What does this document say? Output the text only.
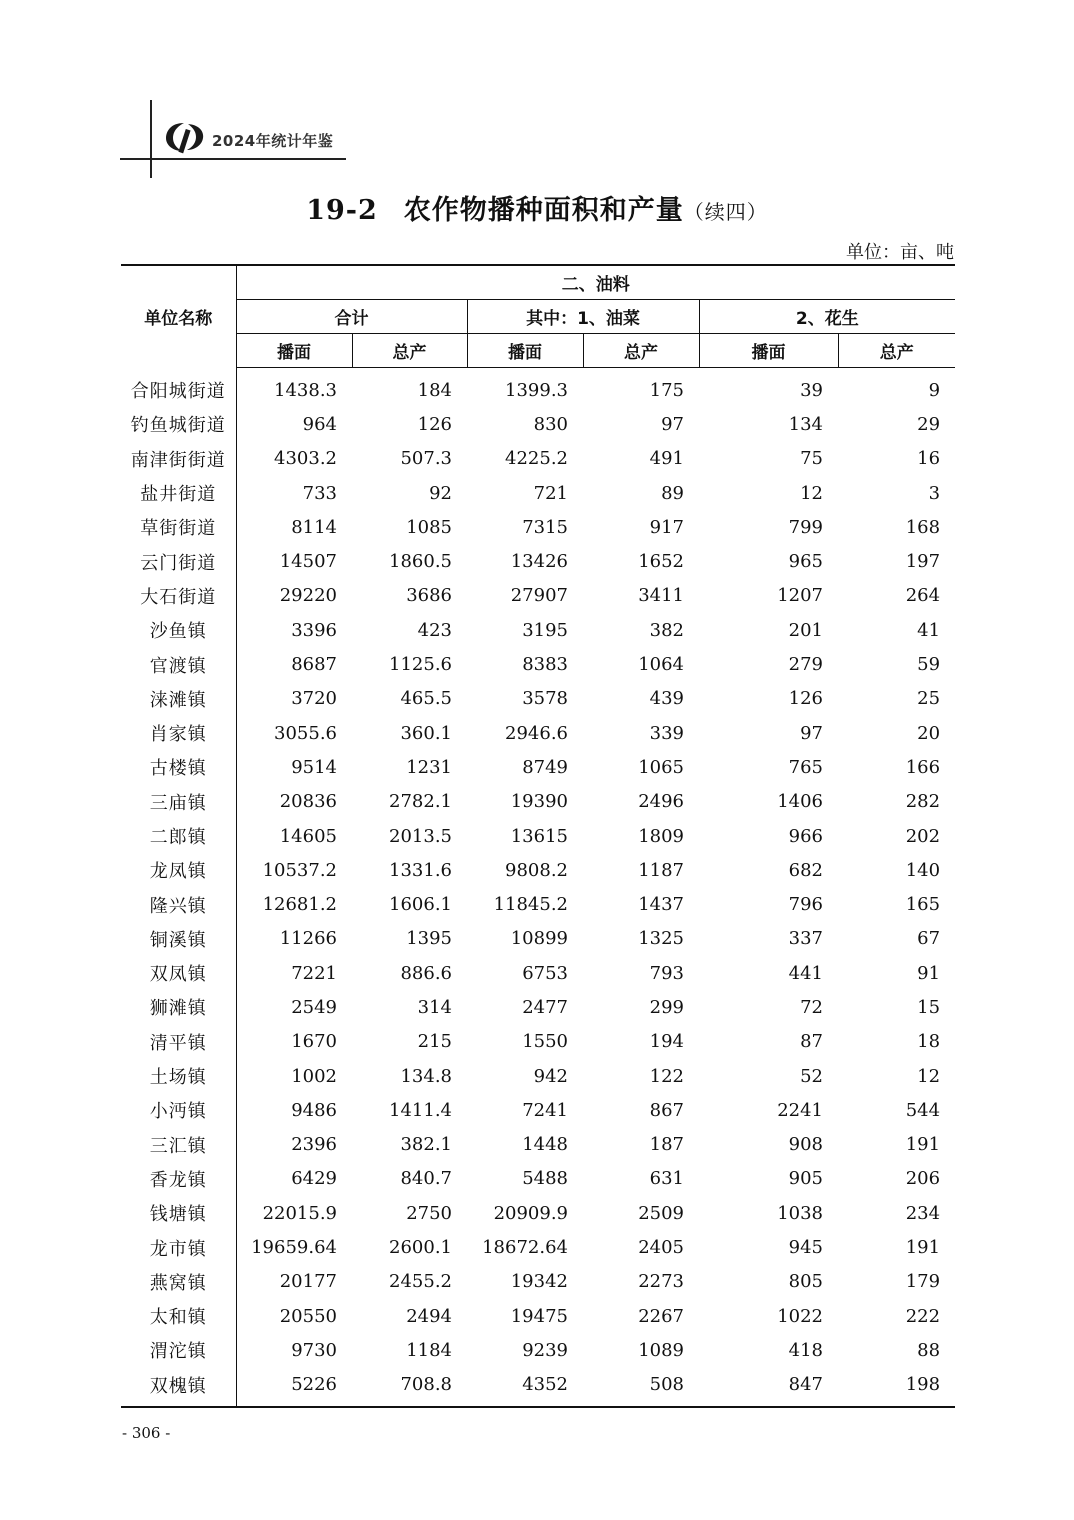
2024年统计年鉴
19-2 农作物播种面积和产量（续四）
单位：亩、吨
单位名称	二、油料					
	合计		其中：1、油菜		2、花生	
	播面	总产	播面	总产	播面	总产
合阳城街道	1438.3	184	1399.3	175	39	9
钓鱼城街道	964	126	830	97	134	29
南津街街道	4303.2	507.3	4225.2	491	75	16
盐井街道	733	92	721	89	12	3
草街街道	8114	1085	7315	917	799	168
云门街道	14507	1860.5	13426	1652	965	197
大石街道	29220	3686	27907	3411	1207	264
沙鱼镇	3396	423	3195	382	201	41
官渡镇	8687	1125.6	8383	1064	279	59
涞滩镇	3720	465.5	3578	439	126	25
肖家镇	3055.6	360.1	2946.6	339	97	20
古楼镇	9514	1231	8749	1065	765	166
三庙镇	20836	2782.1	19390	2496	1406	282
二郎镇	14605	2013.5	13615	1809	966	202
龙凤镇	10537.2	1331.6	9808.2	1187	682	140
隆兴镇	12681.2	1606.1	11845.2	1437	796	165
铜溪镇	11266	1395	10899	1325	337	67
双凤镇	7221	886.6	6753	793	441	91
狮滩镇	2549	314	2477	299	72	15
清平镇	1670	215	1550	194	87	18
土场镇	1002	134.8	942	122	52	12
小沔镇	9486	1411.4	7241	867	2241	544
三汇镇	2396	382.1	1448	187	908	191
香龙镇	6429	840.7	5488	631	905	206
钱塘镇	22015.9	2750	20909.9	2509	1038	234
龙市镇	19659.64	2600.1	18672.64	2405	945	191
燕窝镇	20177	2455.2	19342	2273	805	179
太和镇	20550	2494	19475	2267	1022	222
渭沱镇	9730	1184	9239	1089	418	88
双槐镇	5226	708.8	4352	508	847	198
- 306 -
